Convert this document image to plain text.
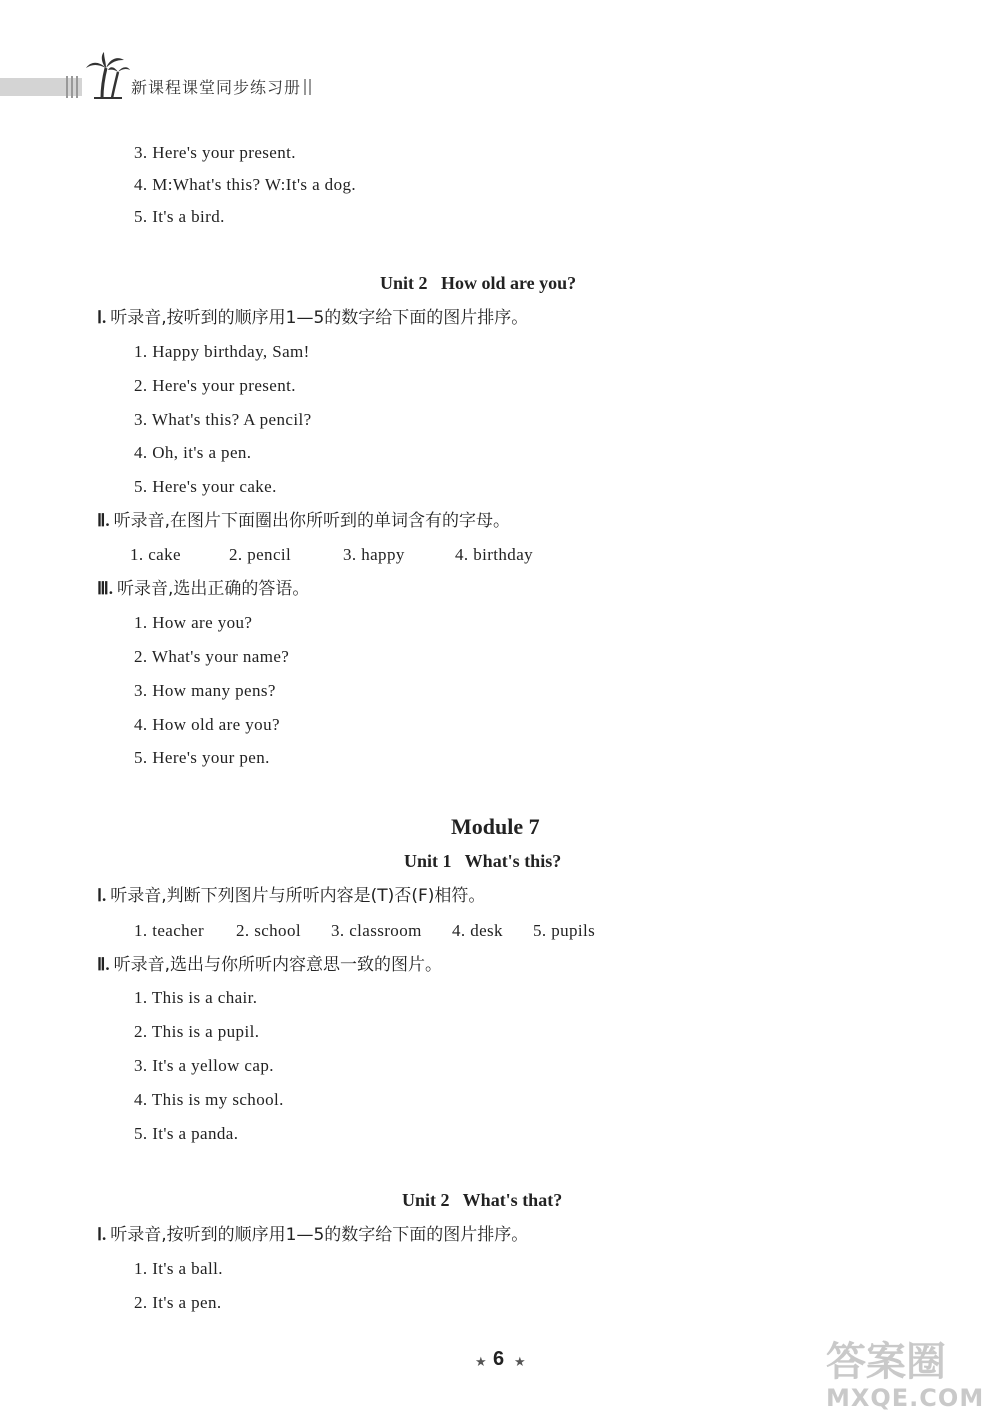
新课程课堂同步练习册
3. Here's your present.
4. M:What's this? W:It's a dog.
5. It's a bird.
Unit 2   How old are you?
Ⅰ. 听录音,按听到的顺序用1—5的数字给下面的图片排序。
1. Happy birthday, Sam!
2. Here's your present.
3. What's this? A pencil?
4. Oh, it's a pen.
5. Here's your cake.
Ⅱ. 听录音,在图片下面圈出你所听到的单词含有的字母。
1. cake	2. pencil	3. happy	4. birthday
Ⅲ. 听录音,选出正确的答语。
1. How are you?
2. What's your name?
3. How many pens?
4. How old are you?
5. Here's your pen.
Module 7
Unit 1   What's this?
Ⅰ. 听录音,判断下列图片与所听内容是(T)否(F)相符。
1. teacher 2. school 3. classroom 4. desk 5. pupils
Ⅱ. 听录音,选出与你所听内容意思一致的图片。
1. This is a chair.
2. This is a pupil.
3. It's a yellow cap.
4. This is my school.
5. It's a panda.
Unit 2   What's that?
Ⅰ. 听录音,按听到的顺序用1—5的数字给下面的图片排序。
1. It's a ball.
2. It's a pen.
★ 6 ★	答案圈
MXQE.COM
